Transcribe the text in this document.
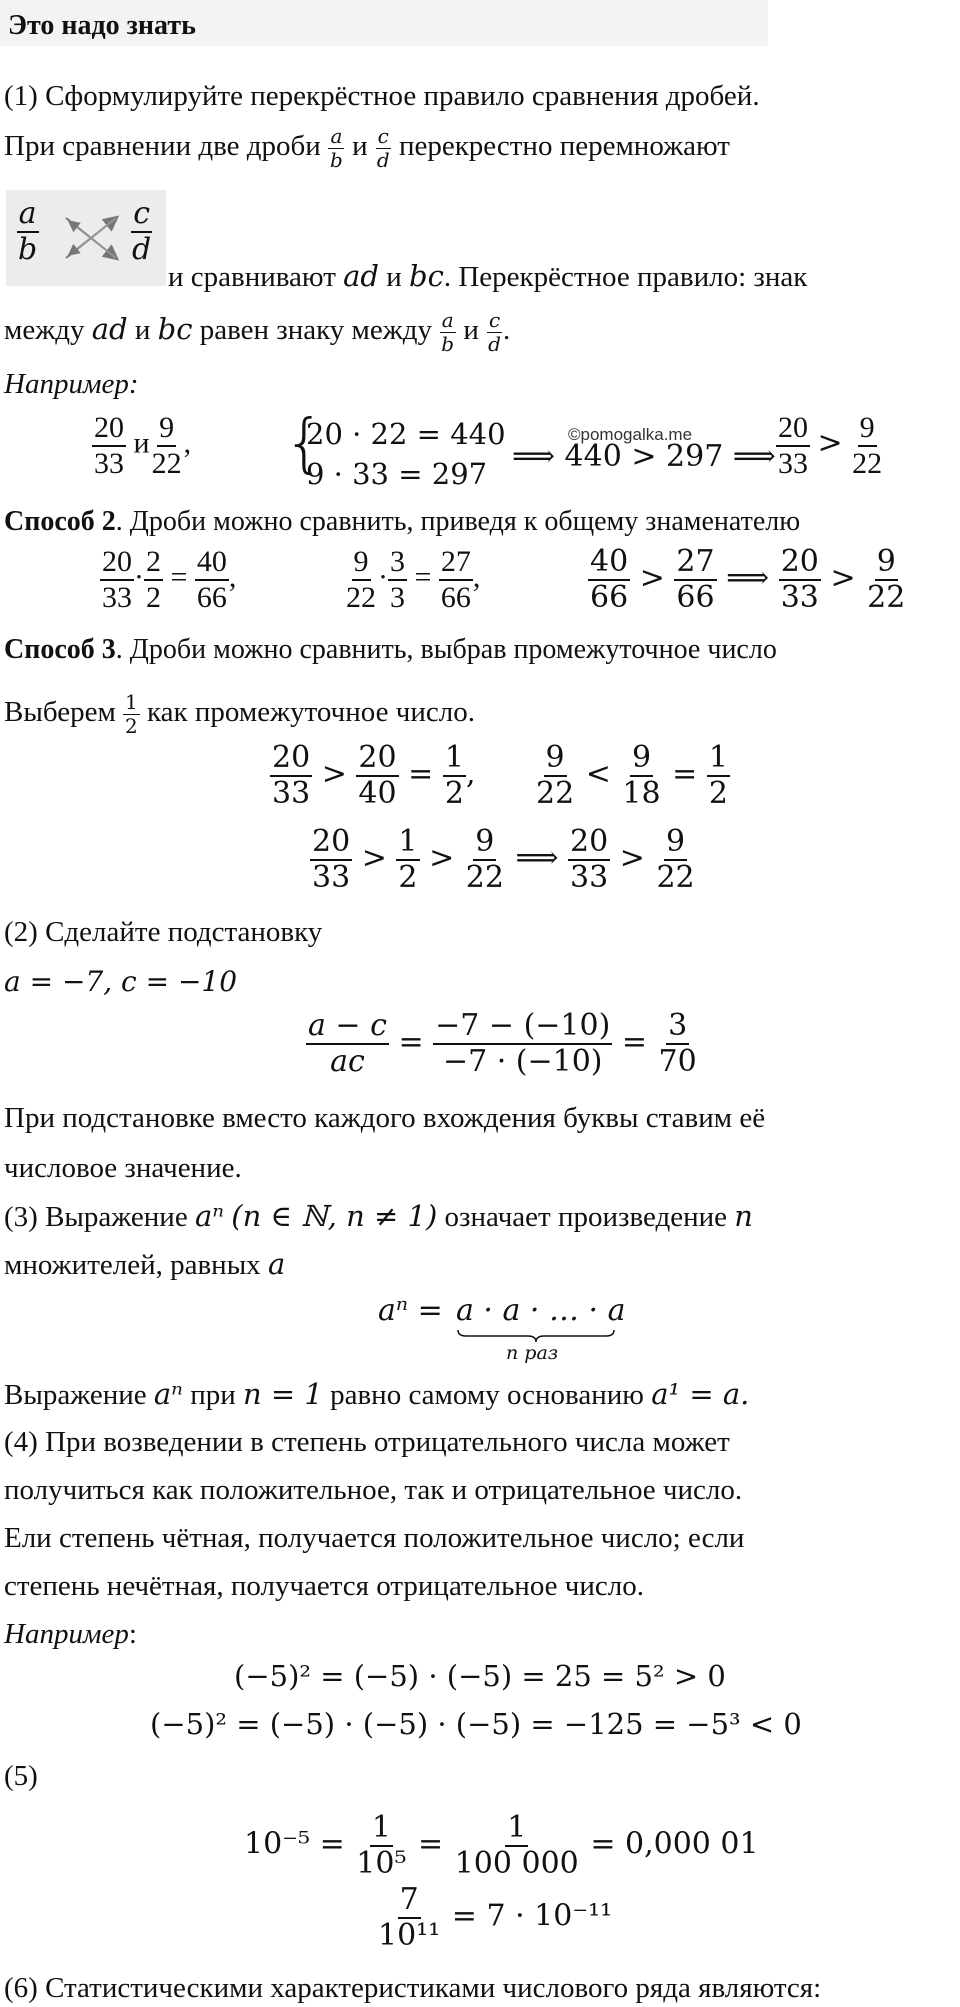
Это надо знать
(1) Сформулируйте перекрёстное правило сравнения дробей.
При сравнении две дроби $\frac{a}{b}$ и $\frac{c}{d}$ перекрестно перемножают
$\frac{a}{b}$	$\frac{c}{d}$
и сравнивают ad и bc. Перекрёстное правило: знак
между ad и bc равен знаку между $\frac{a}{b}$ и $\frac{c}{d}$ .
Например:
$\frac{20}{33}$ и $\frac{9}{22}$ , {
20 · 22 = 440
9 · 33 = 297
©pomogalka.me
⟹ 440 > 297 ⟹ $\frac{20}{33} > \frac{9}{22}$
Способ 2. Дроби можно сравнить, приведя к общему знаменателю
$\frac{20}{33} \cdot \frac{2}{2} = \frac{40}{66}$ ,	$\frac{9}{22} \cdot \frac{3}{3} = \frac{27}{66}$ ,	$\frac{40}{66} > \frac{27}{66}$ ⟹ $\frac{20}{33} > \frac{9}{22}$
Способ 3. Дроби можно сравнить, выбрав промежуточное число
Выберем $\frac{1}{2}$ как промежуточное число.
$\frac{20}{33} > \frac{20}{40} = \frac{1}{2}$ , $\frac{9}{22} < \frac{9}{18} = \frac{1}{2}$
$\frac{20}{33} > \frac{1}{2} > \frac{9}{22}$ ⟹ $\frac{20}{33} > \frac{9}{22}$
(2) Сделайте подстановку
a = −7, c = −10
$\frac{a - c}{ac} = \frac{-7 - (-10)}{-7 \cdot (-10)} = \frac{3}{70}$
При подстановке вместо каждого вхождения буквы ставим её
числовое значение.
(3) Выражение aⁿ (n ∈ ℕ, n ≠ 1) означает произведение n
множителей, равных a
aⁿ = a · a · … · a
n раз
Выражение aⁿ при n = 1 равно самому основанию a¹ = a.
(4) При возведении в степень отрицательного числа может
получиться как положительное, так и отрицательное число.
Ели степень чётная, получается положительное число; если
степень нечётная, получается отрицательное число.
Например:
(−5)² = (−5) · (−5) = 25 = 5² > 0
(−5)² = (−5) · (−5) · (−5) = −125 = −5³ < 0
(5)
$10^{-5} = \frac{1}{\text{10⁵}} = \frac{1}{100 000} = 0,000$ 01
$\frac{7}{\text{10¹¹}} = 7 \cdot 10^{-11}$
(6) Статистическими характеристиками числового ряда являются:
